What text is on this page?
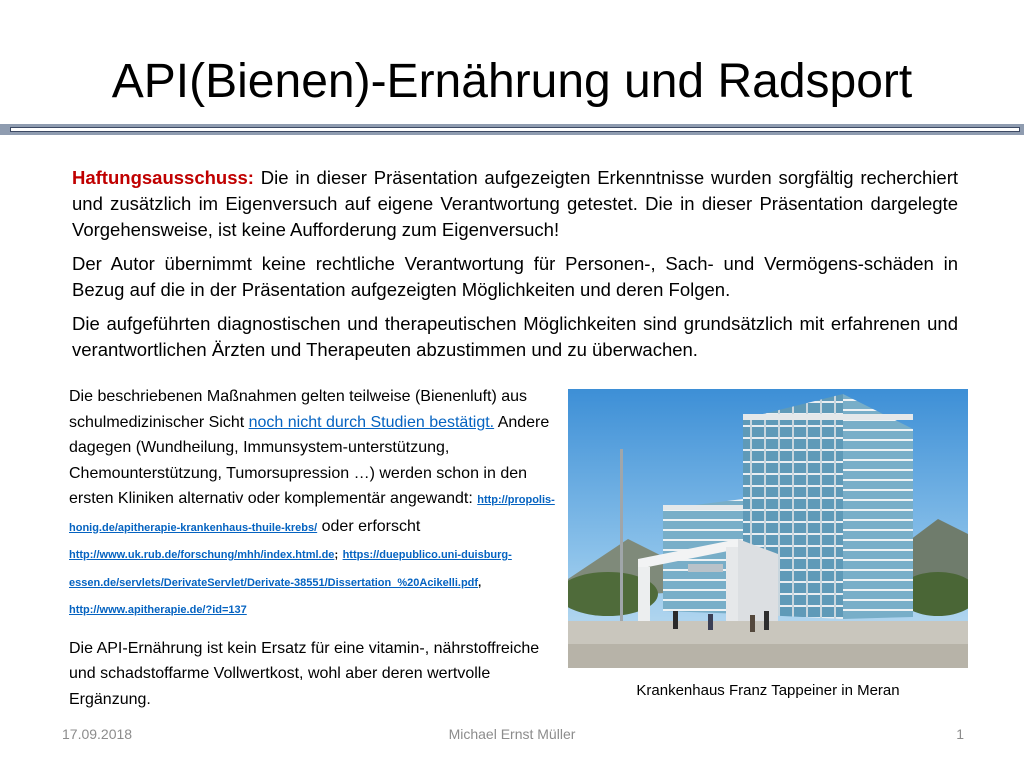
API(Bienen)-Ernährung und Radsport

Haftungsausschuss: Die in dieser Präsentation aufgezeigten Erkenntnisse wurden sorgfältig recherchiert und zusätzlich im Eigenversuch auf eigene Verantwortung getestet. Die in dieser Präsentation dargelegte Vorgehensweise, ist keine Aufforderung zum Eigenversuch!

Der Autor übernimmt keine rechtliche Verantwortung für Personen-, Sach- und Vermögens-schäden in Bezug auf die in der Präsentation aufgezeigten Möglichkeiten und deren Folgen.

Die aufgeführten diagnostischen und therapeutischen Möglichkeiten sind grundsätzlich mit erfahrenen und verantwortlichen Ärzten und Therapeuten abzustimmen und zu überwachen.

Die beschriebenen Maßnahmen gelten teilweise (Bienenluft) aus schulmedizinischer Sicht noch nicht durch Studien bestätigt. Andere dagegen (Wundheilung, Immunsystem-unterstützung, Chemounterstützung, Tumorsupression …) werden schon in den ersten Kliniken alternativ oder komplementär angewandt: http://propolis-honig.de/apitherapie-krankenhaus-thuile-krebs/ oder erforscht http://www.uk.rub.de/forschung/mhh/index.html.de; https://duepublico.uni-duisburg-essen.de/servlets/DerivateServlet/Derivate-38551/Dissertation_%20Acikelli.pdf, http://www.apitherapie.de/?id=137

Die API-Ernährung ist kein Ersatz für eine vitamin-, nährstoffreiche und schadstoffarme Vollwertkost, wohl aber deren wertvolle Ergänzung.	Krankenhaus Franz Tappeiner in Meran
17.09.2018	Michael Ernst Müller	1
